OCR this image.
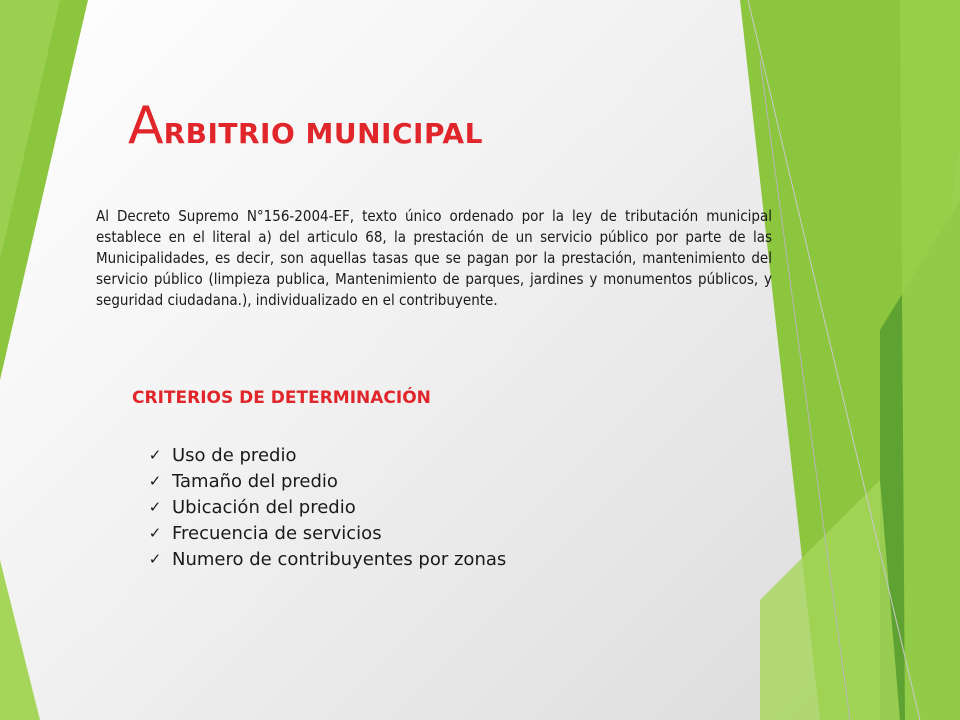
ARBITRIO MUNICIPAL

Al Decreto Supremo N°156-2004-EF, texto único ordenado por la ley de tributación municipal establece en el literal a) del articulo 68, la prestación de un servicio público por parte de las Municipalidades, es decir, son aquellas tasas que se pagan por la prestación, mantenimiento del servicio público (limpieza publica, Mantenimiento de parques, jardines y monumentos públicos, y seguridad ciudadana.), individualizado en el contribuyente.

CRITERIOS DE DETERMINACIÓN
✓ Uso de predio
✓ Tamaño del predio
✓ Ubicación del predio
✓ Frecuencia de servicios
✓ Numero de contribuyentes por zonas
